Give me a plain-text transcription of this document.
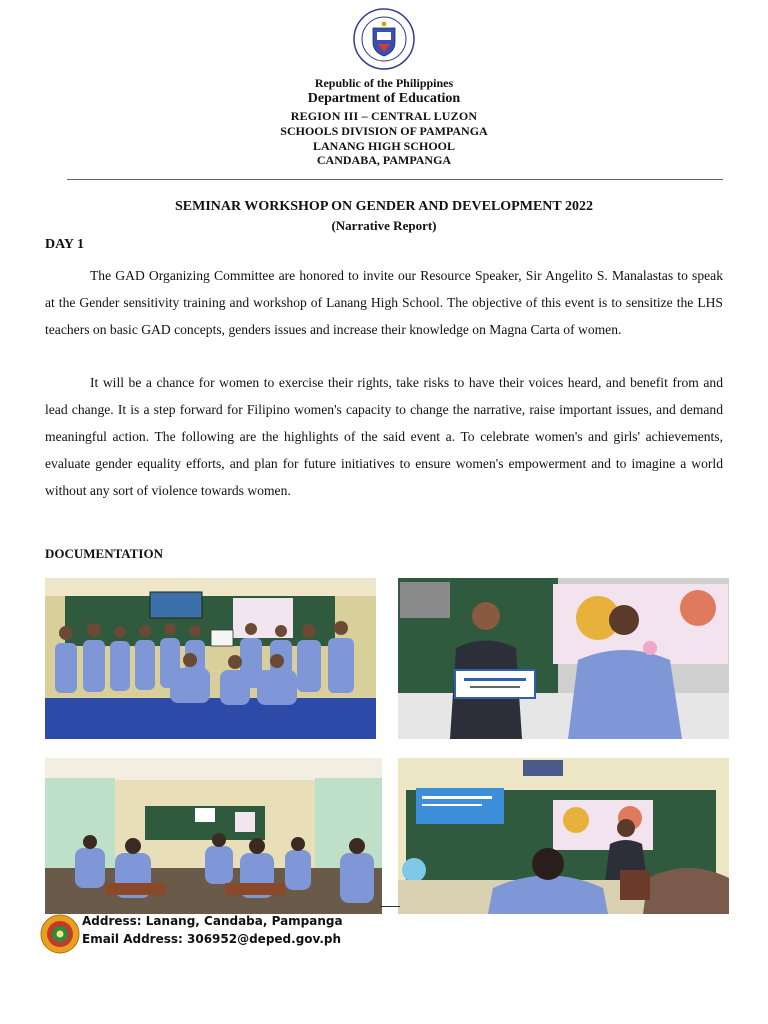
Republic of the Philippines
Department of Education
REGION III – CENTRAL LUZON
SCHOOLS DIVISION OF PAMPANGA
LANANG HIGH SCHOOL
CANDABA, PAMPANGA
SEMINAR WORKSHOP ON GENDER AND DEVELOPMENT 2022
(Narrative Report)
DAY 1

The GAD Organizing Committee are honored to invite our Resource Speaker, Sir Angelito S. Manalastas to speak at the Gender sensitivity training and workshop of Lanang High School. The objective of this event is to sensitize the LHS teachers on basic GAD concepts, genders issues and increase their knowledge on Magna Carta of women.

It will be a chance for women to exercise their rights, take risks to have their voices heard, and benefit from and lead change. It is a step forward for Filipino women's capacity to change the narrative, raise important issues, and demand meaningful action. The following are the highlights of the said event a. To celebrate women's and girls' achievements, evaluate gender equality efforts, and plan for future initiatives to ensure women's empowerment and to imagine a world without any sort of violence towards women.

DOCUMENTATION
Address: Lanang, Candaba, Pampanga
Email Address: 306952@deped.gov.ph
